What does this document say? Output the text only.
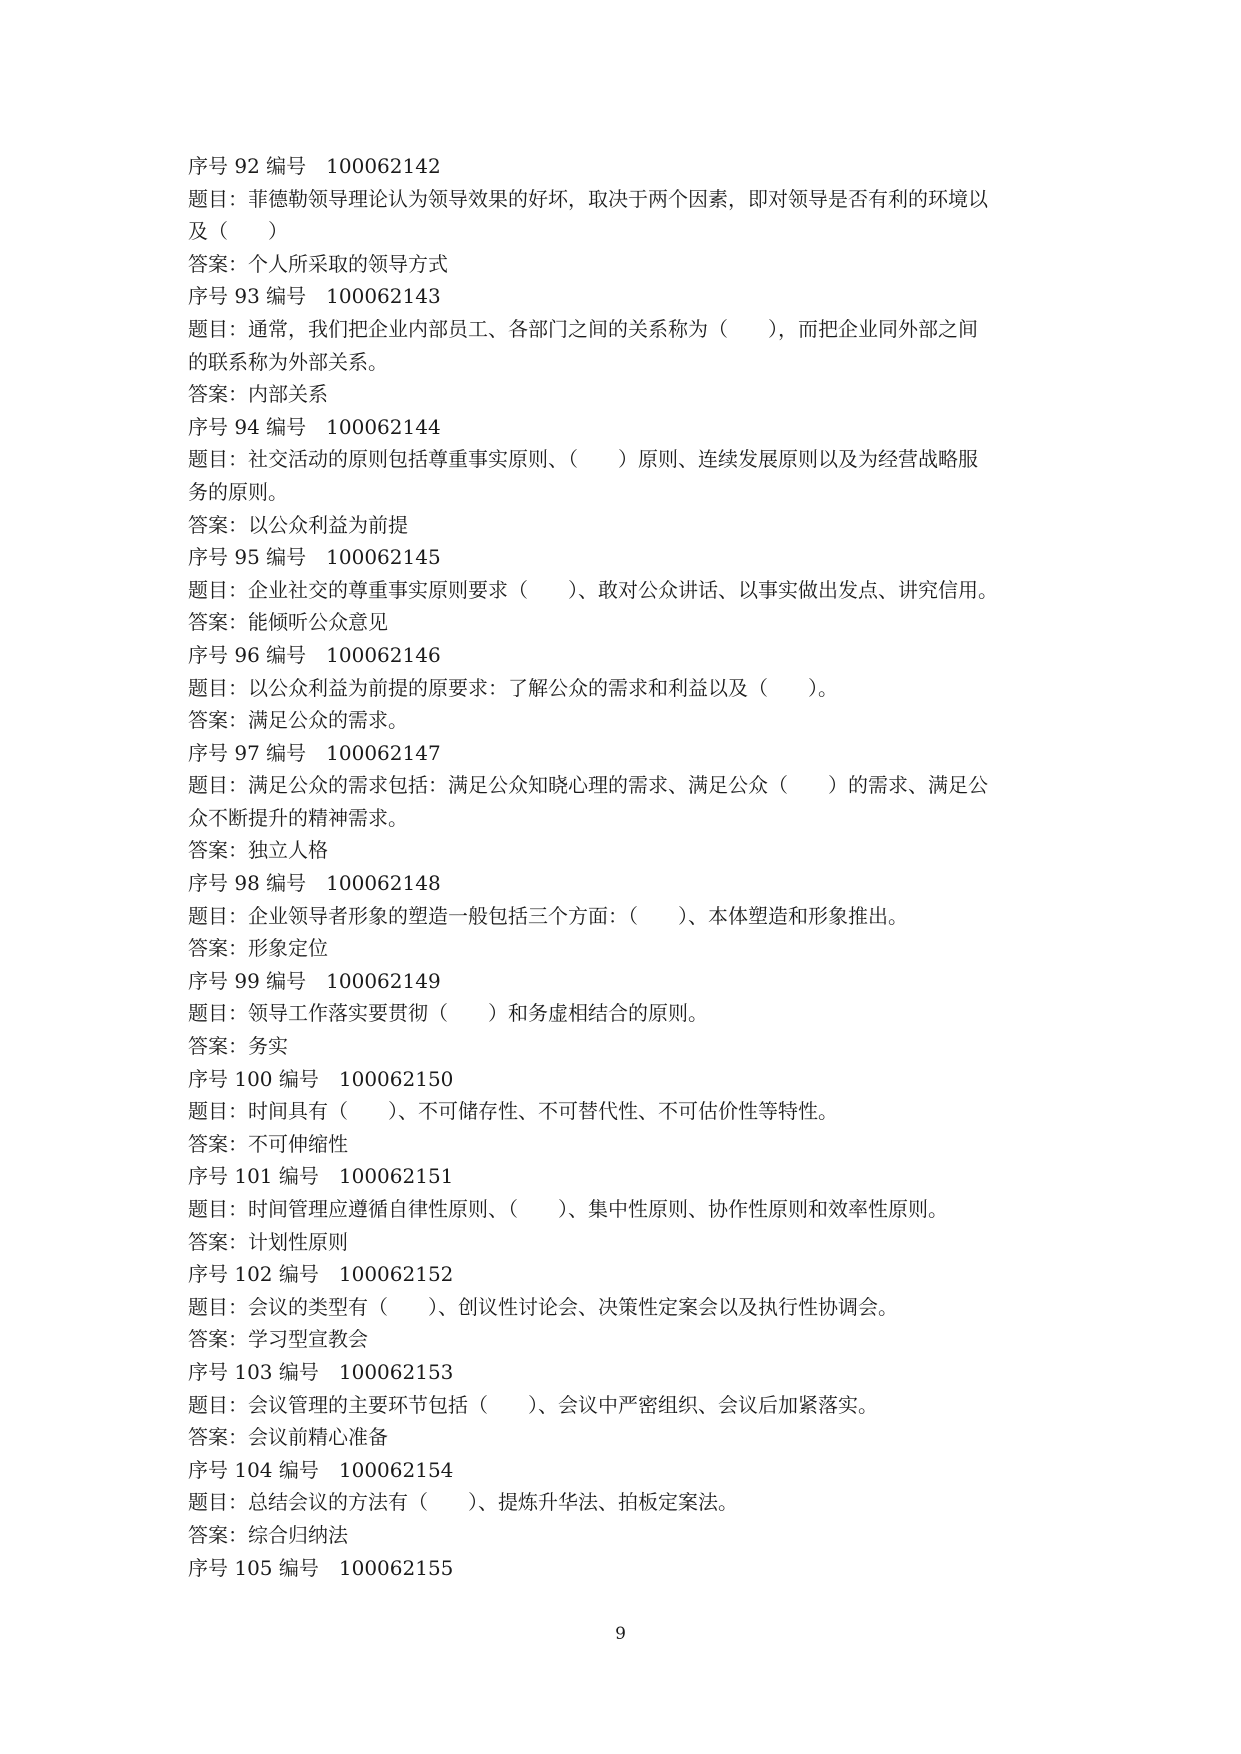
序号 92 编号　100062142

题目：菲德勒领导理论认为领导效果的好坏，取决于两个因素，即对领导是否有利的环境以

及（　　）

答案：个人所采取的领导方式

序号 93 编号　100062143

题目：通常，我们把企业内部员工、各部门之间的关系称为（　　），而把企业同外部之间

的联系称为外部关系。

答案：内部关系

序号 94 编号　100062144

题目：社交活动的原则包括尊重事实原则、（　　）原则、连续发展原则以及为经营战略服

务的原则。

答案：以公众利益为前提

序号 95 编号　100062145

题目：企业社交的尊重事实原则要求（　　）、敢对公众讲话、以事实做出发点、讲究信用。

答案：能倾听公众意见

序号 96 编号　100062146

题目：以公众利益为前提的原要求：了解公众的需求和利益以及（　　）。

答案：满足公众的需求。

序号 97 编号　100062147

题目：满足公众的需求包括：满足公众知晓心理的需求、满足公众（　　）的需求、满足公

众不断提升的精神需求。

答案：独立人格

序号 98 编号　100062148

题目：企业领导者形象的塑造一般包括三个方面：（　　）、本体塑造和形象推出。

答案：形象定位

序号 99 编号　100062149

题目：领导工作落实要贯彻（　　）和务虚相结合的原则。

答案：务实

序号 100 编号　100062150

题目：时间具有（　　）、不可储存性、不可替代性、不可估价性等特性。

答案：不可伸缩性

序号 101 编号　100062151

题目：时间管理应遵循自律性原则、（　　）、集中性原则、协作性原则和效率性原则。

答案：计划性原则

序号 102 编号　100062152

题目：会议的类型有（　　）、创议性讨论会、决策性定案会以及执行性协调会。

答案：学习型宣教会

序号 103 编号　100062153

题目：会议管理的主要环节包括（　　）、会议中严密组织、会议后加紧落实。

答案：会议前精心准备

序号 104 编号　100062154

题目：总结会议的方法有（　　）、提炼升华法、拍板定案法。

答案：综合归纳法

序号 105 编号　100062155

9
